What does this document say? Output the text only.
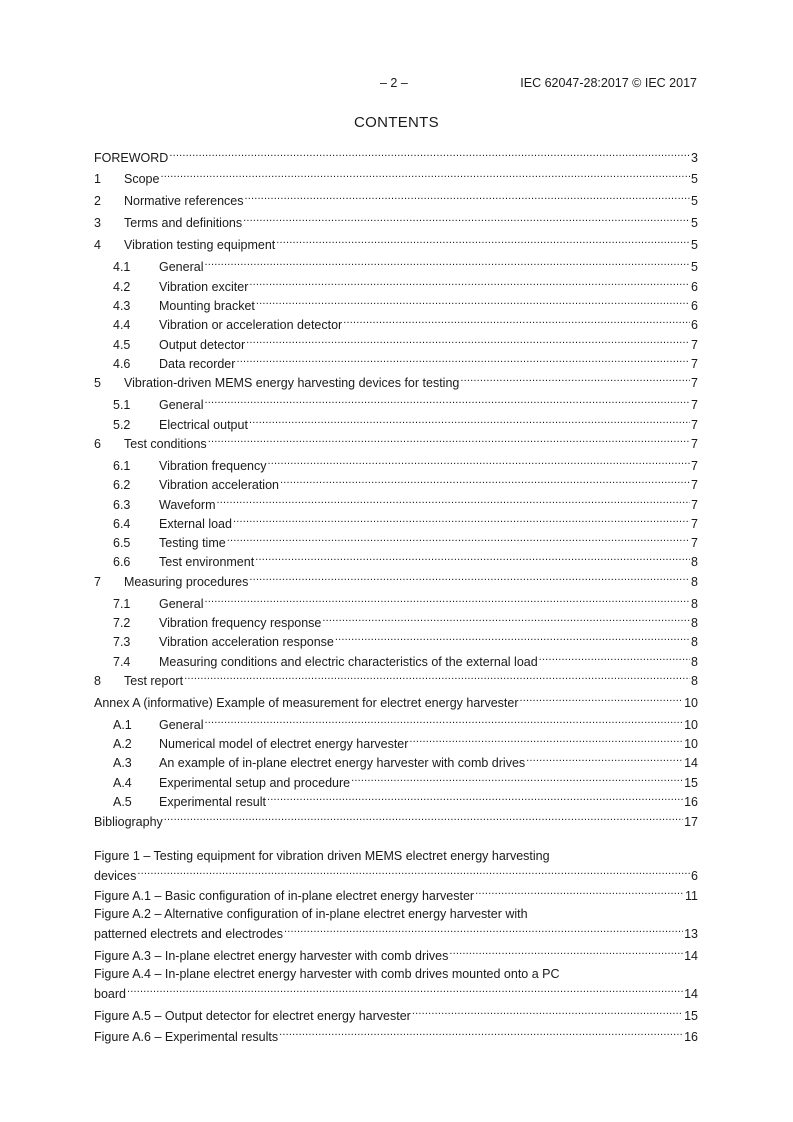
– 2 –	IEC 62047-28:2017 © IEC 2017
CONTENTS
FOREWORD .....	3
1	Scope .....	5
2	Normative references .....	5
3	Terms and definitions .....	5
4	Vibration testing equipment .....	5
4.1	General .....	5
4.2	Vibration exciter .....	6
4.3	Mounting bracket .....	6
4.4	Vibration or acceleration detector .....	6
4.5	Output detector .....	7
4.6	Data recorder .....	7
5	Vibration-driven MEMS energy harvesting devices for testing .....	7
5.1	General .....	7
5.2	Electrical output .....	7
6	Test conditions .....	7
6.1	Vibration frequency .....	7
6.2	Vibration acceleration .....	7
6.3	Waveform .....	7
6.4	External load .....	7
6.5	Testing time .....	7
6.6	Test environment .....	8
7	Measuring procedures .....	8
7.1	General .....	8
7.2	Vibration frequency response .....	8
7.3	Vibration acceleration response .....	8
7.4	Measuring conditions and electric characteristics of the external load .....	8
8	Test report .....	8
Annex A (informative) Example of measurement for electret energy harvester .....	10
A.1	General .....	10
A.2	Numerical model of electret energy harvester .....	10
A.3	An example of in-plane electret energy harvester with comb drives .....	14
A.4	Experimental setup and procedure .....	15
A.5	Experimental result .....	16
Bibliography .....	17
Figure 1 – Testing equipment for vibration driven MEMS electret energy harvesting
devices .....	6
Figure A.1 – Basic configuration of in-plane electret energy harvester .....	11
Figure A.2 – Alternative configuration of in-plane electret energy harvester with
patterned electrets and electrodes .....	13
Figure A.3 – In-plane electret energy harvester with comb drives .....	14
Figure A.4 – In-plane electret energy harvester with comb drives mounted onto a PC
board .....	14
Figure A.5 – Output detector for electret energy harvester .....	15
Figure A.6 – Experimental results .....	16
